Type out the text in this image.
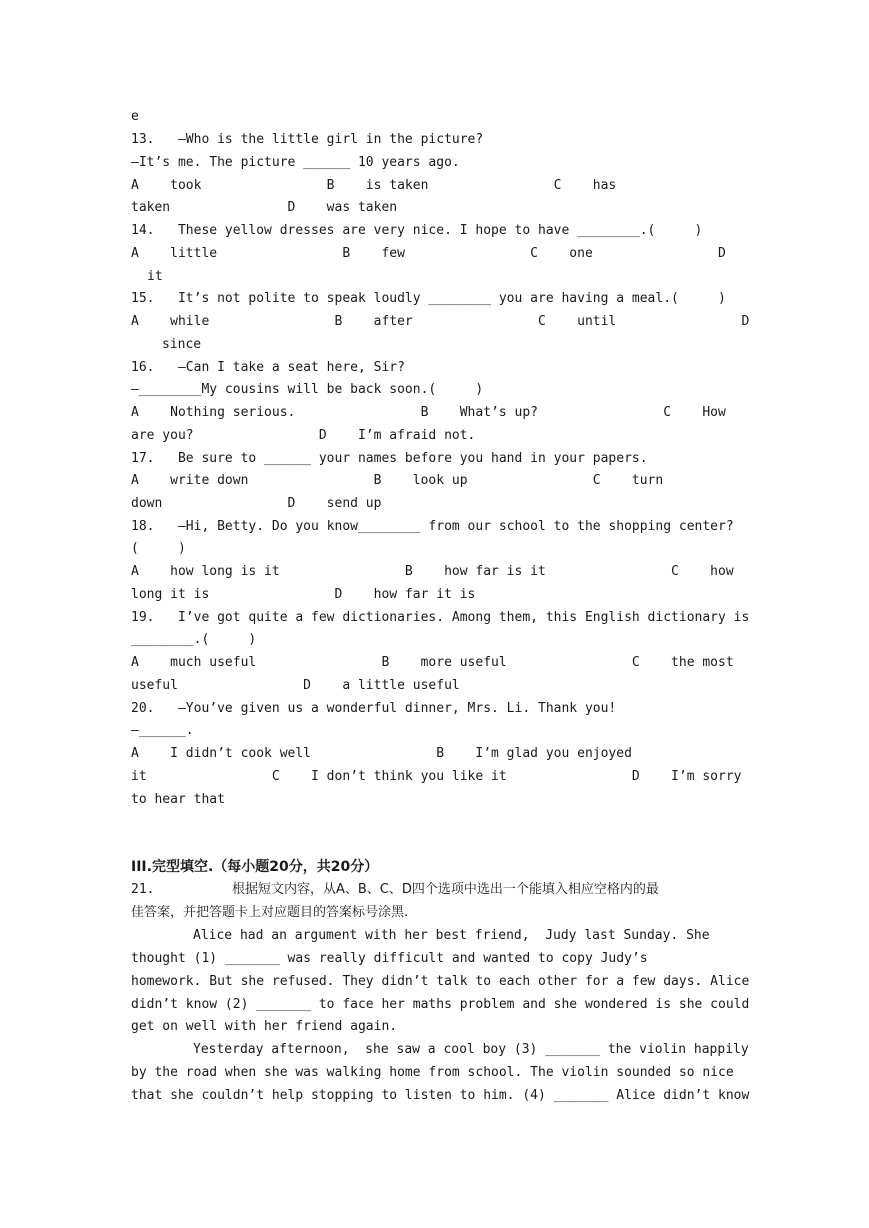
e
13.   —Who is the little girl in the picture?
—It’s me. The picture ______ 10 years ago.
A    took                B    is taken                C    has
taken               D    was taken
14.   These yellow dresses are very nice. I hope to have ________.(     )
A    little                B    few                C    one                D
it
15.   It’s not polite to speak loudly ________ you are having a meal.(     )
A    while                B    after                C    until                D
since
16.   –Can I take a seat here, Sir?
–________My cousins will be back soon.(     )
A    Nothing serious.                B    What’s up?                C    How
are you?                D    I’m afraid not.
17.   Be sure to ______ your names before you hand in your papers.
A    write down                B    look up                C    turn
down                D    send up
18.   –Hi, Betty. Do you know________ from our school to the shopping center?
(     )
A    how long is it                B    how far is it                C    how
long it is                D    how far it is
19.   I’ve got quite a few dictionaries. Among them, this English dictionary is
________.(     )
A    much useful                B    more useful                C    the most
useful                D    a little useful
20.   —You’ve given us a wonderful dinner, Mrs. Li. Thank you!
—______.
A    I didn’t cook well                B    I’m glad you enjoyed
it                C    I don’t think you like it                D    I’m sorry
to hear that
III.完型填空.（每小题20分，共20分）
21.	根据短文内容，从A、B、C、D四个选项中选出一个能填入相应空格内的最
佳答案，并把答题卡上对应题目的答案标号涂黑.
Alice had an argument with her best friend,  Judy last Sunday. She
thought (1) _______ was really difficult and wanted to copy Judy’s
homework. But she refused. They didn’t talk to each other for a few days. Alice
didn’t know (2) _______ to face her maths problem and she wondered is she could
get on well with her friend again.
Yesterday afternoon,  she saw a cool boy (3) _______ the violin happily
by the road when she was walking home from school. The violin sounded so nice
that she couldn’t help stopping to listen to him. (4) _______ Alice didn’t know
